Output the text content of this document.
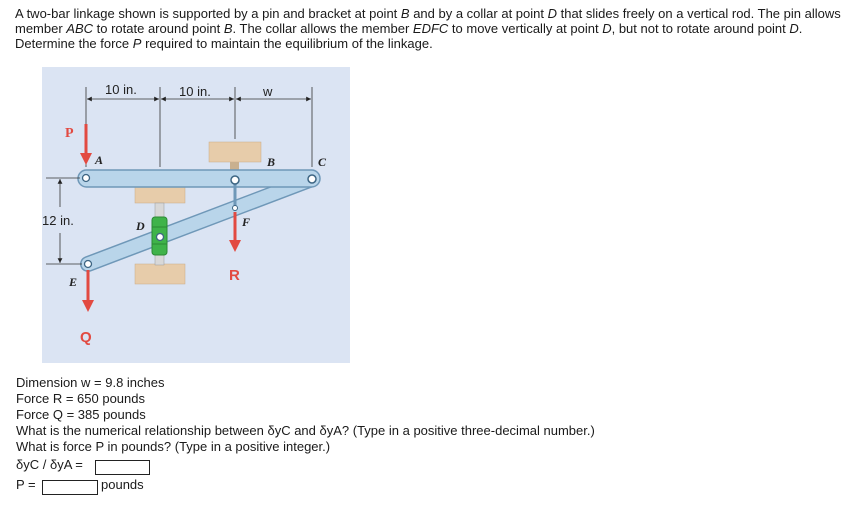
A two-bar linkage shown is supported by a pin and bracket at point B and by a collar at point D that slides freely on a vertical rod. The pin allows member ABC to rotate around point B. The collar allows the member EDFC to move vertically at point D, but not to rotate around point D. Determine the force P required to maintain the equilibrium of the linkage.
10 in.	10 in.	w
12 in.
P
A	B	C
D
E
F
R
Q
Dimension w = 9.8 inches
Force R = 650 pounds
Force Q = 385 pounds
What is the numerical relationship between δyC and δyA? (Type in a positive three-decimal number.)
What is force P in pounds? (Type in a positive integer.)
δyC / δyA =
P =	pounds
